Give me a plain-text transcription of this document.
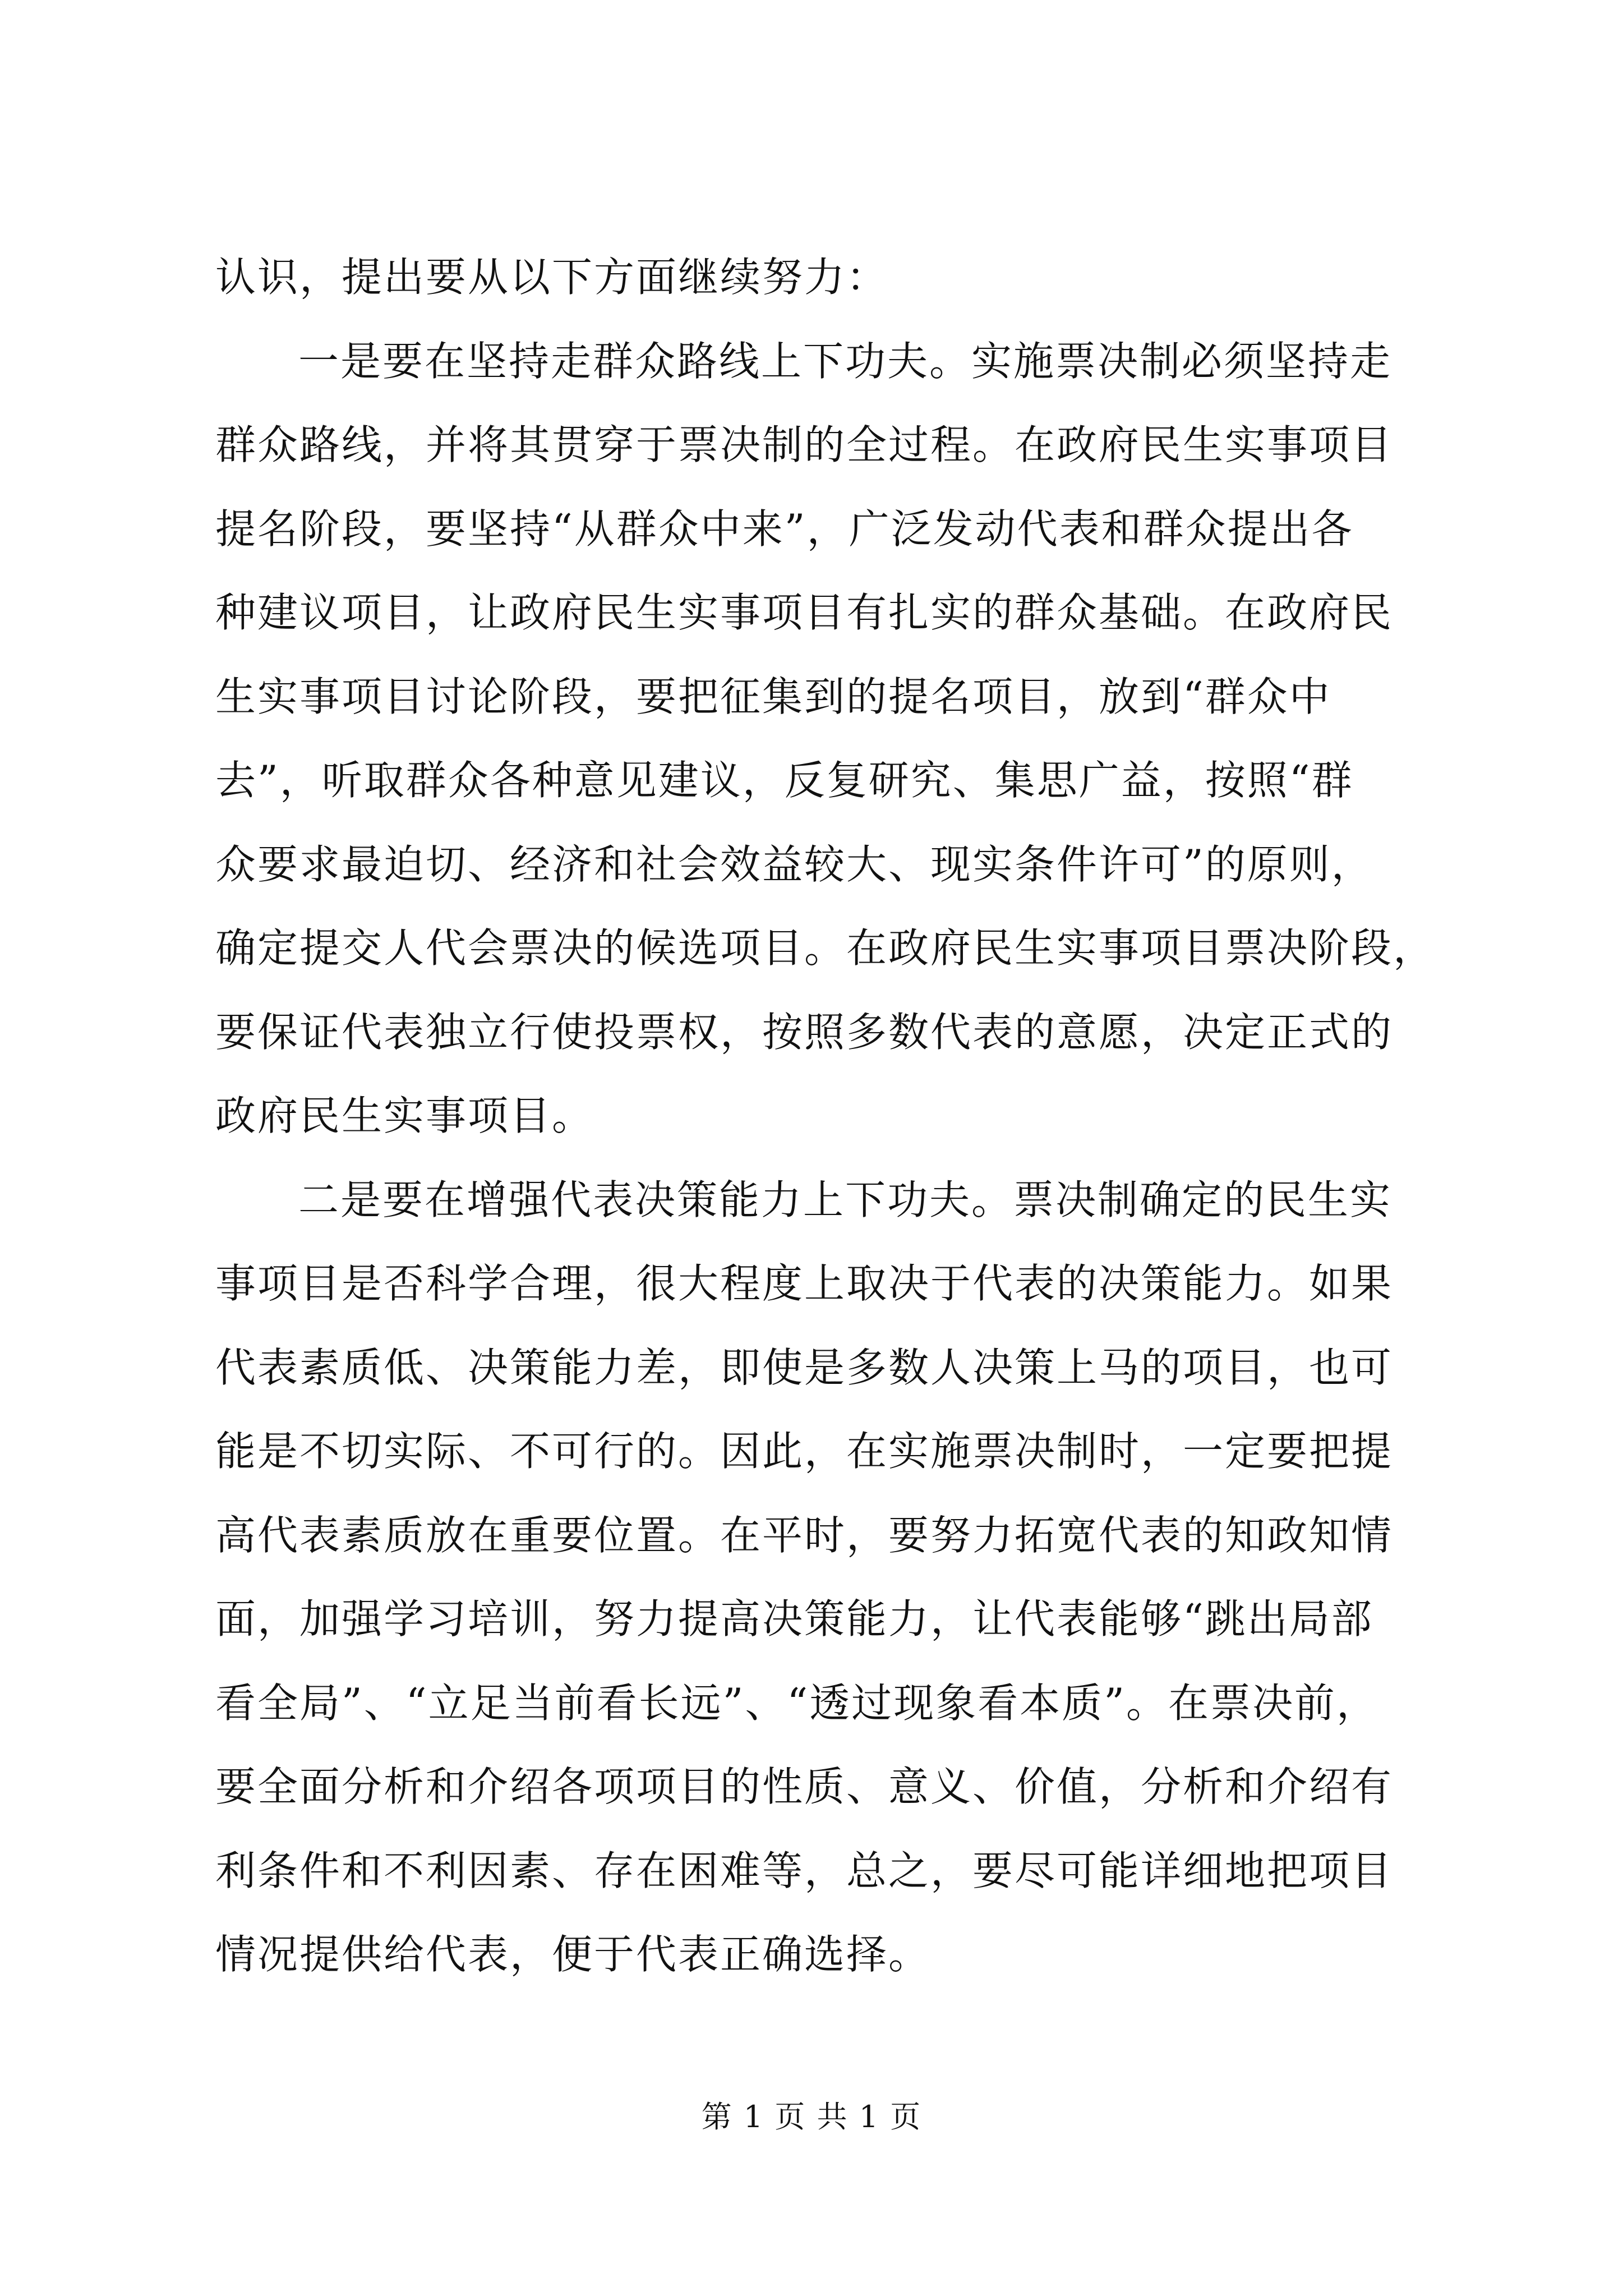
认识，提出要从以下方面继续努力：
一是要在坚持走群众路线上下功夫。实施票决制必须坚持走
群众路线，并将其贯穿于票决制的全过程。在政府民生实事项目
提名阶段，要坚持“从群众中来”，广泛发动代表和群众提出各
种建议项目，让政府民生实事项目有扎实的群众基础。在政府民
生实事项目讨论阶段，要把征集到的提名项目，放到“群众中
去”，听取群众各种意见建议，反复研究、集思广益，按照“群
众要求最迫切、经济和社会效益较大、现实条件许可”的原则，
确定提交人代会票决的候选项目。在政府民生实事项目票决阶段，
要保证代表独立行使投票权，按照多数代表的意愿，决定正式的
政府民生实事项目。
二是要在增强代表决策能力上下功夫。票决制确定的民生实
事项目是否科学合理，很大程度上取决于代表的决策能力。如果
代表素质低、决策能力差，即使是多数人决策上马的项目，也可
能是不切实际、不可行的。因此，在实施票决制时，一定要把提
高代表素质放在重要位置。在平时，要努力拓宽代表的知政知情
面，加强学习培训，努力提高决策能力，让代表能够“跳出局部
看全局”、“立足当前看长远”、“透过现象看本质”。在票决前，
要全面分析和介绍各项项目的性质、意义、价值，分析和介绍有
利条件和不利因素、存在困难等，总之，要尽可能详细地把项目
情况提供给代表，便于代表正确选择。
第 1 页 共 1 页
